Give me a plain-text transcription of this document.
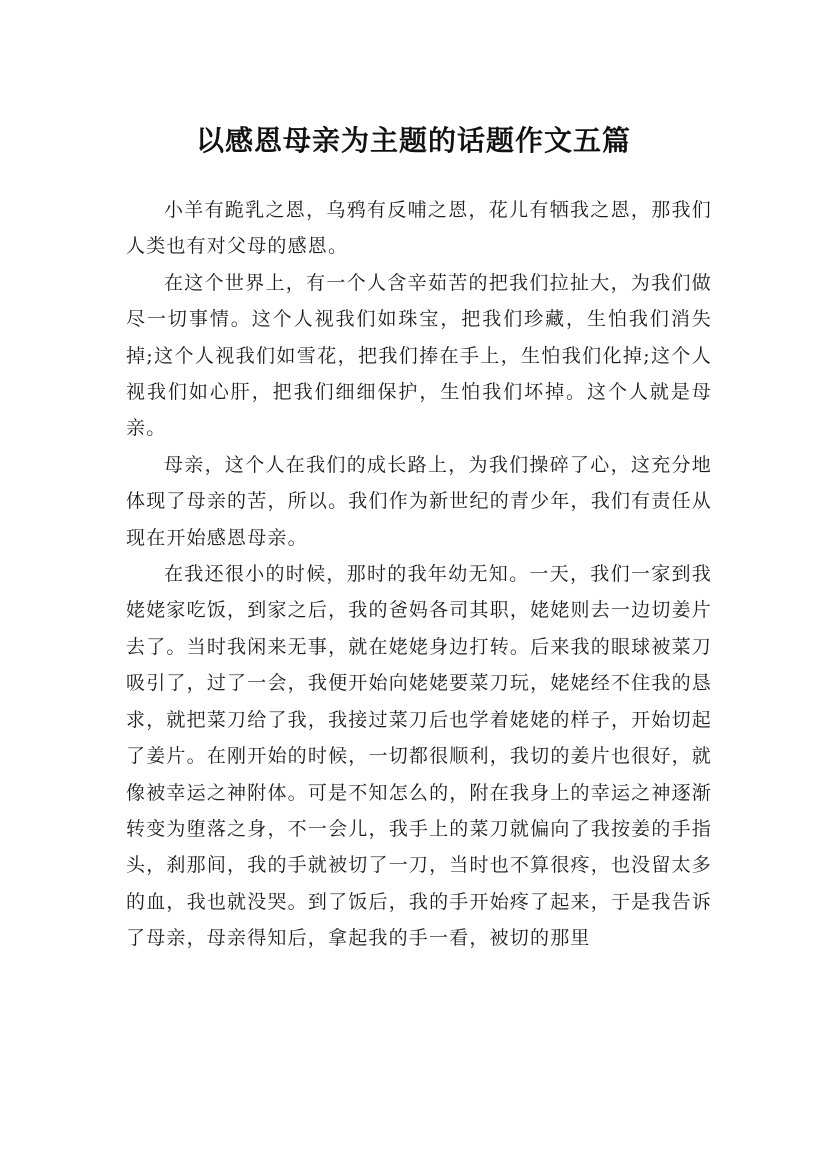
以感恩母亲为主题的话题作文五篇

小羊有跪乳之恩，乌鸦有反哺之恩，花儿有牺我之恩，那我们人类也有对父母的感恩。

在这个世界上，有一个人含辛茹苦的把我们拉扯大，为我们做尽一切事情。这个人视我们如珠宝，把我们珍藏，生怕我们消失掉;这个人视我们如雪花，把我们捧在手上，生怕我们化掉;这个人视我们如心肝，把我们细细保护，生怕我们坏掉。这个人就是母亲。

母亲，这个人在我们的成长路上，为我们操碎了心，这充分地体现了母亲的苦，所以。我们作为新世纪的青少年，我们有责任从现在开始感恩母亲。

在我还很小的时候，那时的我年幼无知。一天，我们一家到我姥姥家吃饭，到家之后，我的爸妈各司其职，姥姥则去一边切姜片去了。当时我闲来无事，就在姥姥身边打转。后来我的眼球被菜刀吸引了，过了一会，我便开始向姥姥要菜刀玩，姥姥经不住我的恳求，就把菜刀给了我，我接过菜刀后也学着姥姥的样子，开始切起了姜片。在刚开始的时候，一切都很顺利，我切的姜片也很好，就像被幸运之神附体。可是不知怎么的，附在我身上的幸运之神逐渐转变为堕落之身，不一会儿，我手上的菜刀就偏向了我按姜的手指头，刹那间，我的手就被切了一刀，当时也不算很疼，也没留太多的血，我也就没哭。到了饭后，我的手开始疼了起来，于是我告诉了母亲，母亲得知后，拿起我的手一看，被切的那里
